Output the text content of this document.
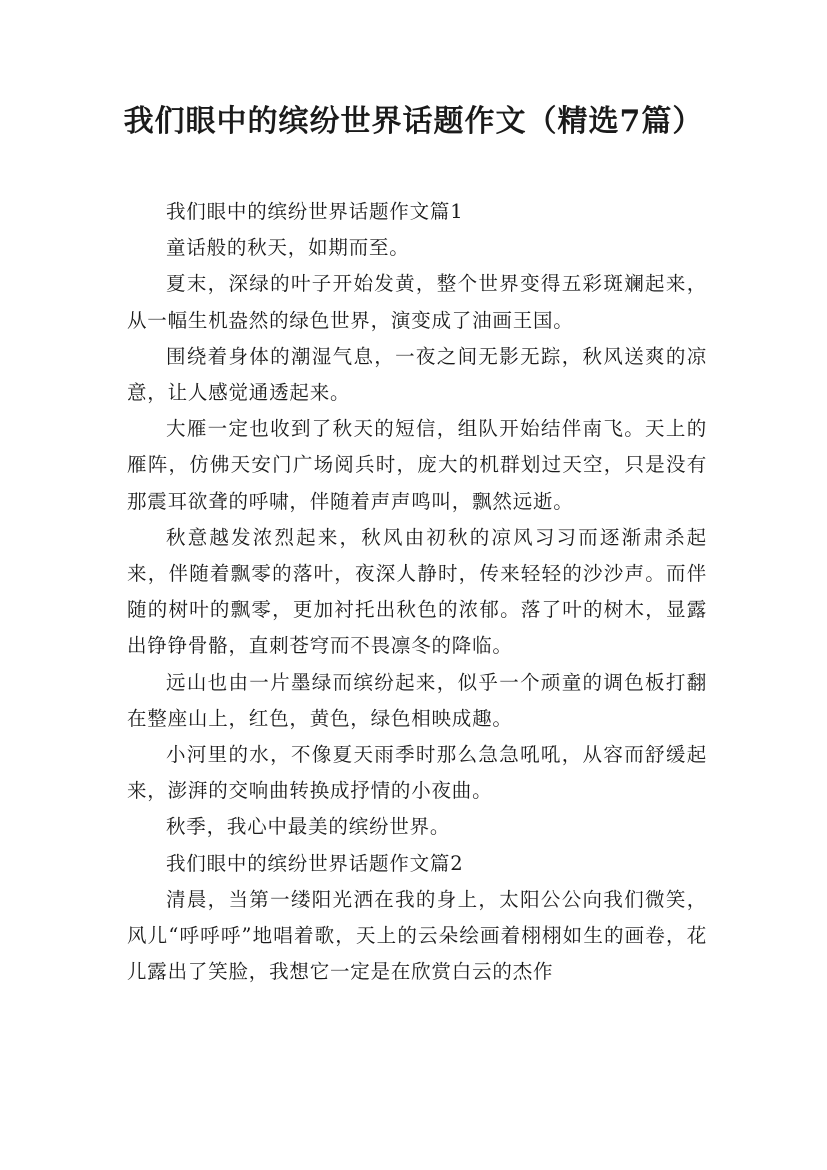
我们眼中的缤纷世界话题作文（精选7篇）

我们眼中的缤纷世界话题作文篇1

童话般的秋天，如期而至。

夏末，深绿的叶子开始发黄，整个世界变得五彩斑斓起来，从一幅生机盎然的绿色世界，演变成了油画王国。

围绕着身体的潮湿气息，一夜之间无影无踪，秋风送爽的凉意，让人感觉通透起来。

大雁一定也收到了秋天的短信，组队开始结伴南飞。天上的雁阵，仿佛天安门广场阅兵时，庞大的机群划过天空，只是没有那震耳欲聋的呼啸，伴随着声声鸣叫，飘然远逝。

秋意越发浓烈起来，秋风由初秋的凉风习习而逐渐肃杀起来，伴随着飘零的落叶，夜深人静时，传来轻轻的沙沙声。而伴随的树叶的飘零，更加衬托出秋色的浓郁。落了叶的树木，显露出铮铮骨骼，直刺苍穹而不畏凛冬的降临。

远山也由一片墨绿而缤纷起来，似乎一个顽童的调色板打翻在整座山上，红色，黄色，绿色相映成趣。

小河里的水，不像夏天雨季时那么急急吼吼，从容而舒缓起来，澎湃的交响曲转换成抒情的小夜曲。

秋季，我心中最美的缤纷世界。

我们眼中的缤纷世界话题作文篇2

清晨，当第一缕阳光洒在我的身上，太阳公公向我们微笑，风儿“呼呼呼”地唱着歌，天上的云朵绘画着栩栩如生的画卷，花儿露出了笑脸，我想它一定是在欣赏白云的杰作
